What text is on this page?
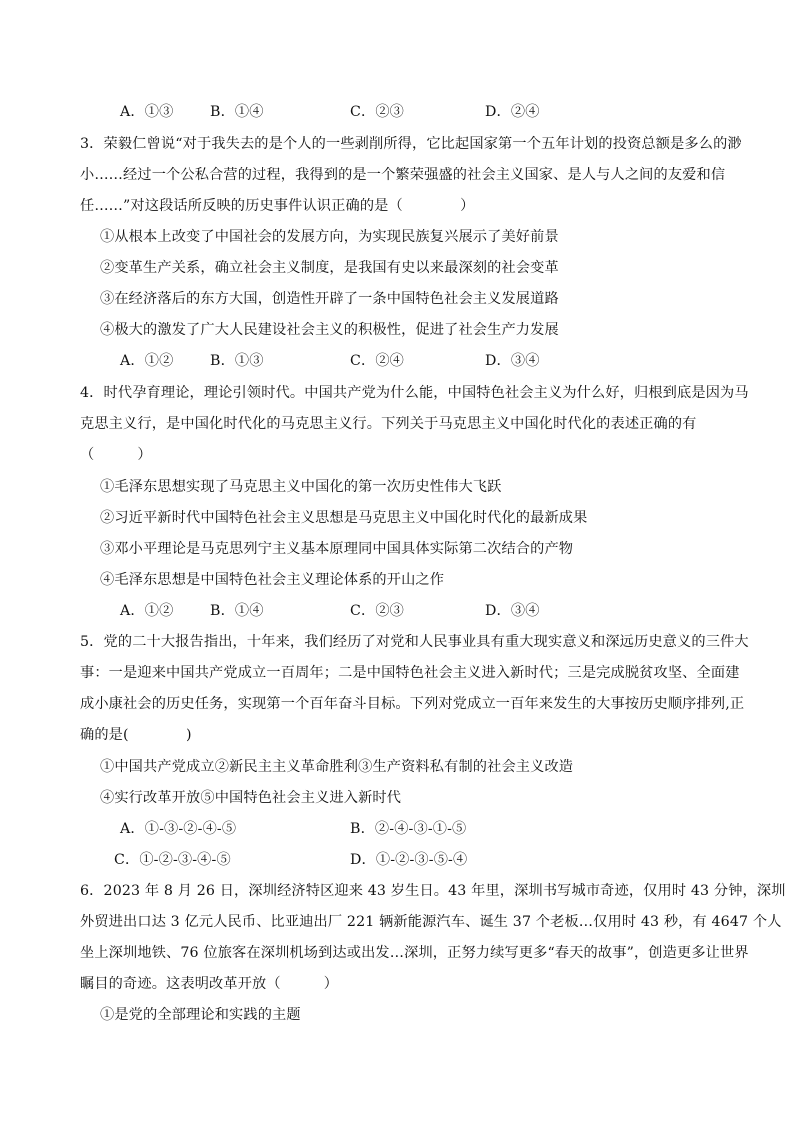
A．①③	B．①④	C．②③	D．②④
3．荣毅仁曾说“对于我失去的是个人的一些剥削所得，它比起国家第一个五年计划的投资总额是多么的渺
小……经过一个公私合营的过程，我得到的是一个繁荣强盛的社会主义国家、是人与人之间的友爱和信
任……”对这段话所反映的历史事件认识正确的是（　　　　）
①从根本上改变了中国社会的发展方向，为实现民族复兴展示了美好前景
②变革生产关系，确立社会主义制度，是我国有史以来最深刻的社会变革
③在经济落后的东方大国，创造性开辟了一条中国特色社会主义发展道路
④极大的激发了广大人民建设社会主义的积极性，促进了社会生产力发展
A．①②	B．①③	C．②④	D．③④
4．时代孕育理论，理论引领时代。中国共产党为什么能，中国特色社会主义为什么好，归根到底是因为马
克思主义行，是中国化时代化的马克思主义行。下列关于马克思主义中国化时代化的表述正确的有
（　　　）
①毛泽东思想实现了马克思主义中国化的第一次历史性伟大飞跃
②习近平新时代中国特色社会主义思想是马克思主义中国化时代化的最新成果
③邓小平理论是马克思列宁主义基本原理同中国具体实际第二次结合的产物
④毛泽东思想是中国特色社会主义理论体系的开山之作
A．①②	B．①④	C．②③	D．③④
5．党的二十大报告指出，十年来，我们经历了对党和人民事业具有重大现实意义和深远历史意义的三件大
事：一是迎来中国共产党成立一百周年；二是中国特色社会主义进入新时代；三是完成脱贫攻坚、全面建
成小康社会的历史任务，实现第一个百年奋斗目标。下列对党成立一百年来发生的大事按历史顺序排列,正
确的是(　　　　)
①中国共产党成立②新民主主义革命胜利③生产资料私有制的社会主义改造
④实行改革开放⑤中国特色社会主义进入新时代
A．①-③-②-④-⑤	B．②-④-③-①-⑤
C．①-②-③-④-⑤	D．①-②-③-⑤-④
6．2023 年 8 月 26 日，深圳经济特区迎来 43 岁生日。43 年里，深圳书写城市奇迹，仅用时 43 分钟，深圳
外贸进出口达 3 亿元人民币、比亚迪出厂 221 辆新能源汽车、诞生 37 个老板…仅用时 43 秒，有 4647 个人
坐上深圳地铁、76 位旅客在深圳机场到达或出发…深圳，正努力续写更多“春天的故事”，创造更多让世界
瞩目的奇迹。这表明改革开放（　　　）
①是党的全部理论和实践的主题
